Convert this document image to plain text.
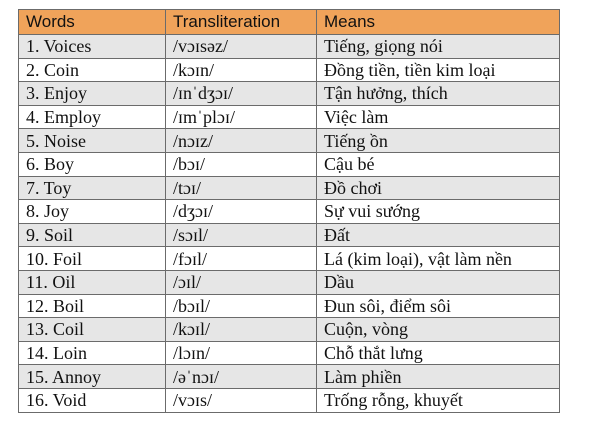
Words	Transliteration	Means
1. Voices	/vɔɪsəz/	Tiếng, giọng nói
2. Coin	/kɔɪn/	Đồng tiền, tiền kim loại
3. Enjoy	/ɪnˈdʒɔɪ/	Tận hưởng, thích
4. Employ	/ɪmˈplɔɪ/	Việc làm
5. Noise	/nɔɪz/	Tiếng ồn
6. Boy	/bɔɪ/	Cậu bé
7. Toy	/tɔɪ/	Đồ chơi
8. Joy	/dʒɔɪ/	Sự vui sướng
9. Soil	/sɔɪl/	Đất
10. Foil	/fɔɪl/	Lá (kim loại), vật làm nền
11. Oil	/ɔɪl/	Dầu
12. Boil	/bɔɪl/	Đun sôi, điểm sôi
13. Coil	/kɔɪl/	Cuộn, vòng
14. Loin	/lɔɪn/	Chỗ thắt lưng
15. Annoy	/əˈnɔɪ/	Làm phiền
16. Void	/vɔɪs/	Trống rỗng, khuyết
